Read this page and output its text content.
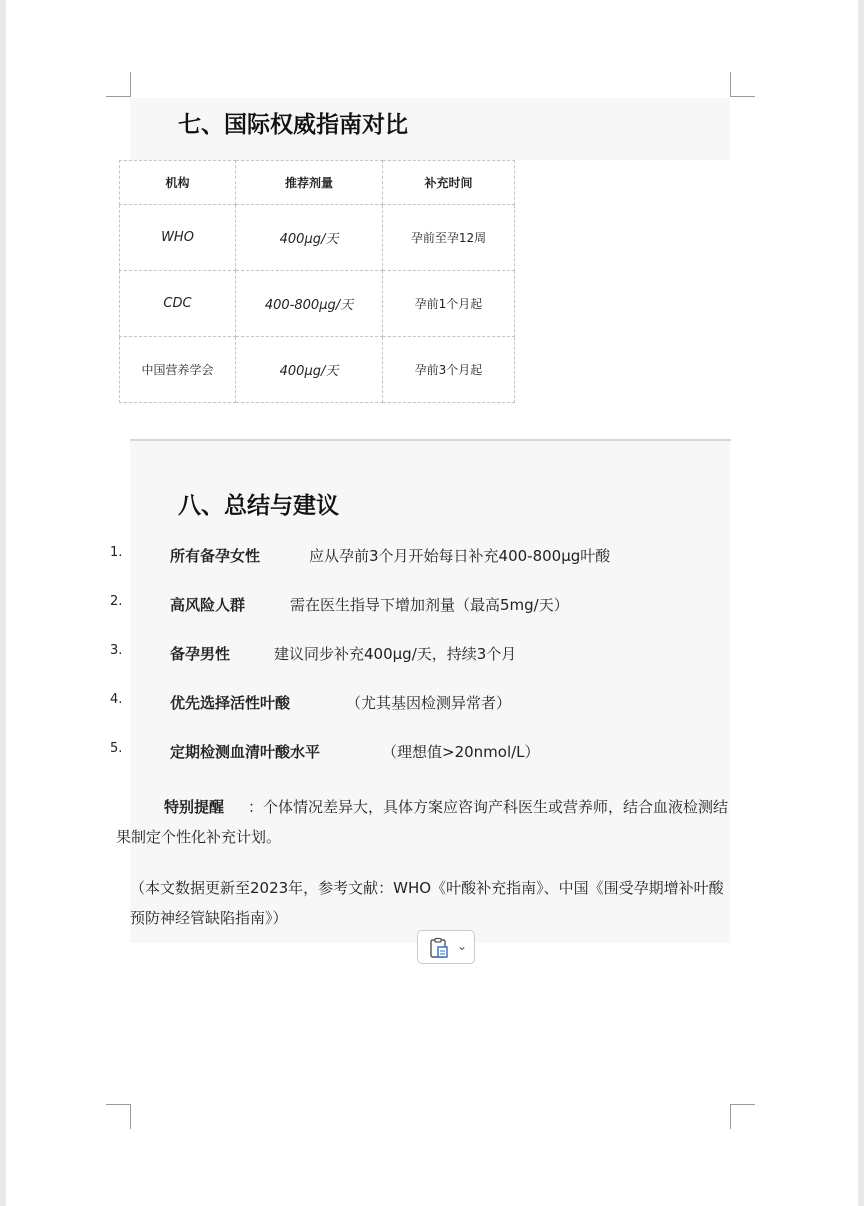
七、国际权威指南对比
机构	推荐剂量	补充时间
WHO	400μg/天	孕前至孕12周
CDC	400-800μg/天	孕前1个月起
中国营养学会	400μg/天	孕前3个月起
八、总结与建议
1.	所有备孕女性	应从孕前3个月开始每日补充400-800μg叶酸
2.	高风险人群	需在医生指导下增加剂量（最高5mg/天）
3.	备孕男性	建议同步补充400μg/天，持续3个月
4.	优先选择活性叶酸	（尤其基因检测异常者）
5.	定期检测血清叶酸水平	（理想值>20nmol/L）
特别提醒 ：个体情况差异大，具体方案应咨询产科医生或营养师，结合血液检测结果制定个性化补充计划。
（本文数据更新至2023年，参考文献：WHO《叶酸补充指南》、中国《围受孕期增补叶酸预防神经管缺陷指南》）
⌄
